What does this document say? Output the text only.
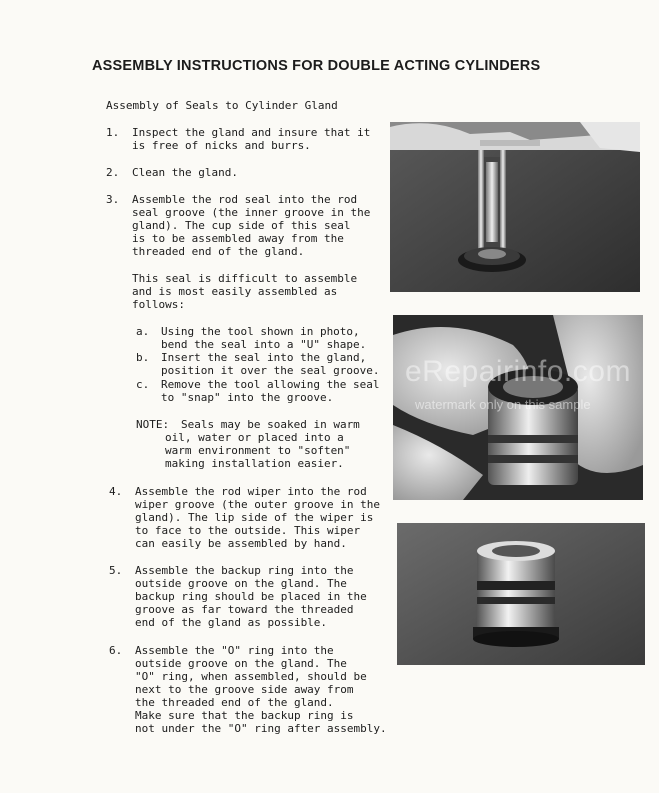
ASSEMBLY INSTRUCTIONS FOR DOUBLE ACTING CYLINDERS
Assembly of Seals to Cylinder Gland
1. Inspect the gland and insure that it
is free of nicks and burrs.
2. Clean the gland.
3. Assemble the rod seal into the rod
seal groove (the inner groove in the
gland). The cup side of this seal
is to be assembled away from the
threaded end of the gland.
This seal is difficult to assemble
and is most easily assembled as
follows:
a. Using the tool shown in photo,
bend the seal into a "U" shape.
b. Insert the seal into the gland,
position it over the seal groove.
c. Remove the tool allowing the seal
to "snap" into the groove.
NOTE: Seals may be soaked in warm
oil, water or placed into a
warm environment to "soften"
making installation easier.
4. Assemble the rod wiper into the rod
wiper groove (the outer groove in the
gland). The lip side of the wiper is
to face to the outside. This wiper
can easily be assembled by hand.
5. Assemble the backup ring into the
outside groove on the gland. The
backup ring should be placed in the
groove as far toward the threaded
end of the gland as possible.
6. Assemble the "O" ring into the
outside groove on the gland. The
"O" ring, when assembled, should be
next to the groove side away from
the threaded end of the gland.
Make sure that the backup ring is
not under the "O" ring after assembly.
eRepairinfo.com
watermark only on this sample
